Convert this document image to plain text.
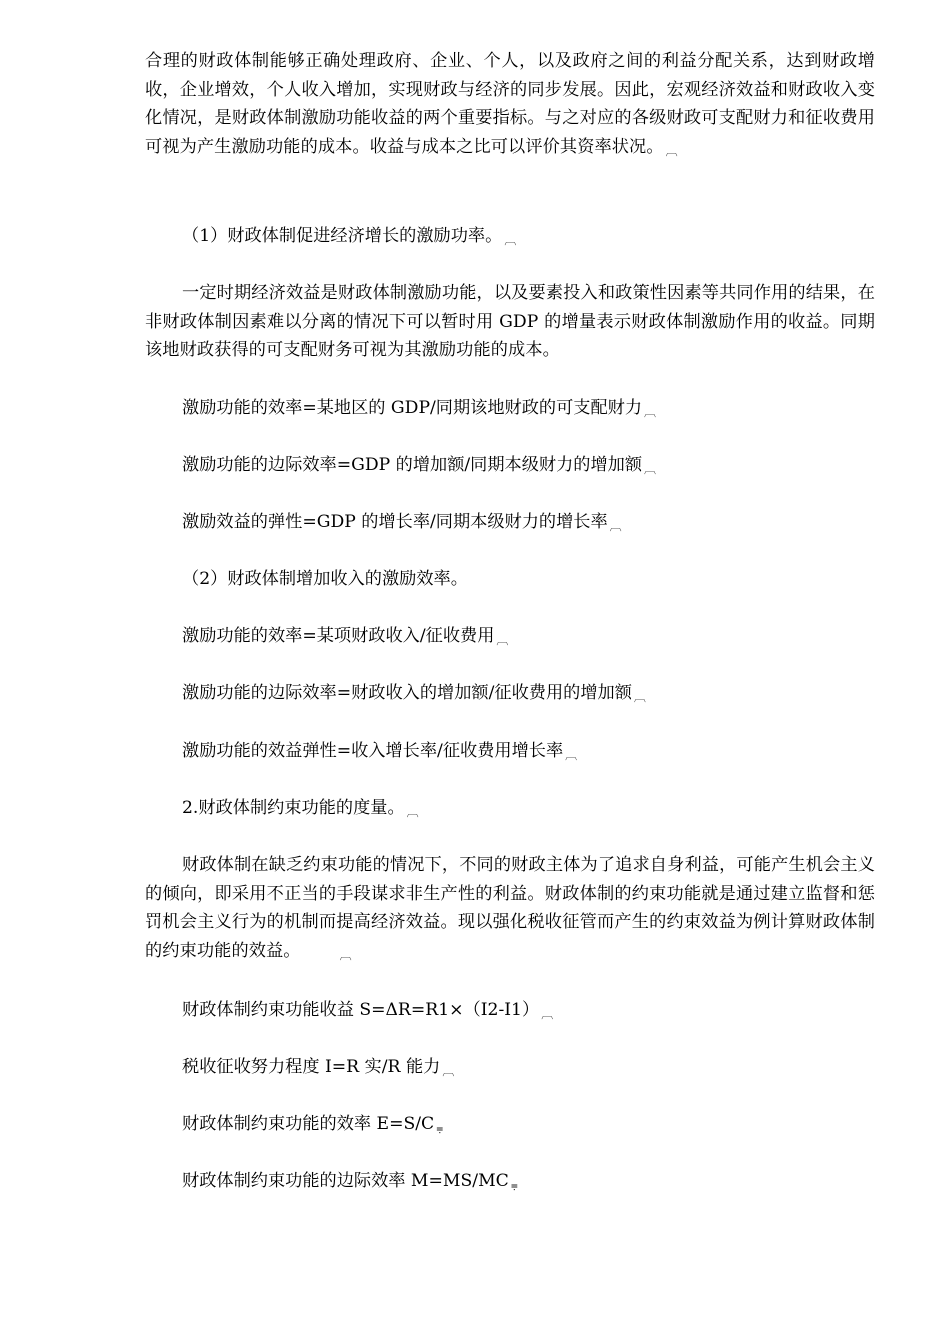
合理的财政体制能够正确处理政府、企业、个人，以及政府之间的利益分配关系，达到财政增收，企业增效，个人收入增加，实现财政与经济的同步发展。因此，宏观经济效益和财政收入变化情况，是财政体制激励功能收益的两个重要指标。与之对应的各级财政可支配财力和征收费用可视为产生激励功能的成本。收益与成本之比可以评价其资率状况。 ︹

（1）财政体制促进经济增长的激励功率。 ︹

一定时期经济效益是财政体制激励功能，以及要素投入和政策性因素等共同作用的结果，在非财政体制因素难以分离的情况下可以暂时用 GDP 的增量表示财政体制激励作用的收益。同期该地财政获得的可支配财务可视为其激励功能的成本。

激励功能的效率=某地区的 GDP/同期该地财政的可支配财力 ︹

激励功能的边际效率=GDP 的增加额/同期本级财力的增加额 ︹

激励效益的弹性=GDP 的增长率/同期本级财力的增长率 ︹

（2）财政体制增加收入的激励效率。

激励功能的效率=某项财政收入/征收费用 ︹

激励功能的边际效率=财政收入的增加额/征收费用的增加额 ︹

激励功能的效益弹性=收入增长率/征收费用增长率 ︹

2.财政体制约束功能的度量。 ︹

财政体制在缺乏约束功能的情况下，不同的财政主体为了追求自身利益，可能产生机会主义的倾向，即采用不正当的手段谋求非生产性的利益。财政体制的约束功能就是通过建立监督和惩罚机会主义行为的机制而提高经济效益。现以强化税收征管而产生的约束效益为例计算财政体制的约束功能的效益。	︹

财政体制约束功能收益 S=ΔR=R1×（I2-I1） ︹

税收征收努力程度 I=R 实/R 能力 ︹

财政体制约束功能的效率 E=S/C ⩦

财政体制约束功能的边际效率 M=MS/MC ⩦
